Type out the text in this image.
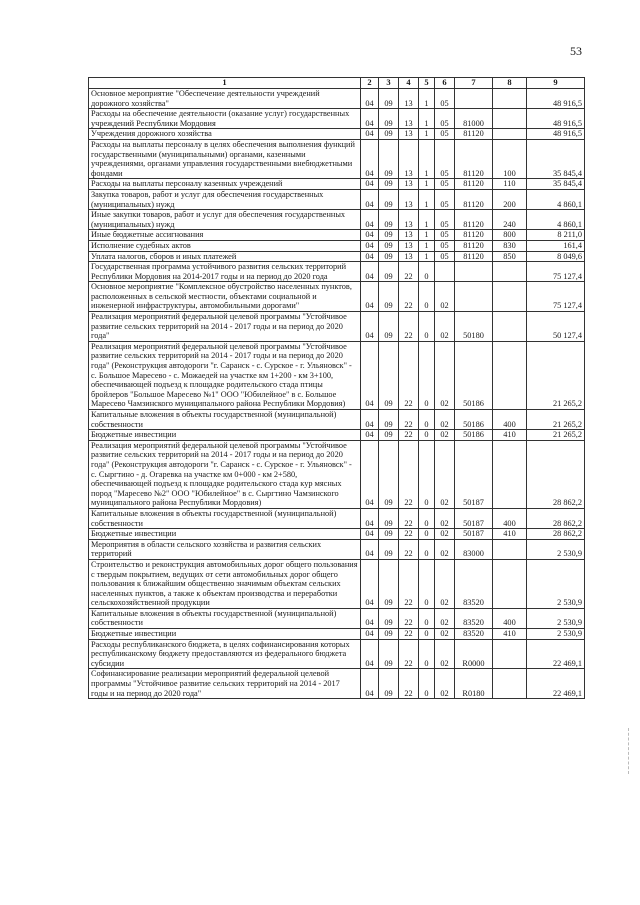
53
1	2	3	4	5	6	7	8	9
Основное мероприятие "Обеспечение деятельности учреждений дорожного хозяйства"	04	09	13	1	05			48 916,5
Расходы на обеспечение деятельности (оказание услуг) государственных учреждений Республики Мордовия	04	09	13	1	05	81000		48 916,5
Учреждения дорожного хозяйства	04	09	13	1	05	81120		48 916,5
Расходы на выплаты персоналу в целях обеспечения выполнения функций государственными (муниципальными) органами, казенными учреждениями, органами управления государственными внебюджетными фондами	04	09	13	1	05	81120	100	35 845,4
Расходы на выплаты персоналу казенных учреждений	04	09	13	1	05	81120	110	35 845,4
Закупка товаров, работ и услуг для обеспечения государственных (муниципальных) нужд	04	09	13	1	05	81120	200	4 860,1
Иные закупки товаров, работ и услуг для обеспечения государственных (муниципальных) нужд	04	09	13	1	05	81120	240	4 860,1
Иные бюджетные ассигнования	04	09	13	1	05	81120	800	8 211,0
Исполнение судебных актов	04	09	13	1	05	81120	830	161,4
Уплата налогов, сборов и иных платежей	04	09	13	1	05	81120	850	8 049,6
Государственная программа устойчивого развития сельских территорий Республики Мордовия на 2014-2017 годы и на период до 2020 года	04	09	22	0				75 127,4
Основное мероприятие "Комплексное обустройство населенных пунктов, расположенных в сельской местности, объектами социальной и инженерной инфраструктуры, автомобильными дорогами"	04	09	22	0	02			75 127,4
Реализация мероприятий федеральной целевой программы "Устойчивое развитие сельских территорий на 2014 - 2017 годы и на период до 2020 года"	04	09	22	0	02	50180		50 127,4
Реализация мероприятий федеральной целевой программы "Устойчивое развитие сельских территорий на 2014 - 2017 годы и на период до 2020 года" (Реконструкция автодороги "г. Саранск - с. Сурское - г. Ульяновск" - с. Большое Маресево - с. Можаедей на участке км 1+200 - км 3+100, обеспечивающей подъезд к площадке родительского стада птицы бройлеров "Большое Маресево №1" ООО "Юбилейное" в с. Большое Маресево Чамзинского муниципального района Республики Мордовия)	04	09	22	0	02	50186		21 265,2
Капитальные вложения в объекты государственной (муниципальной) собственности	04	09	22	0	02	50186	400	21 265,2
Бюджетные инвестиции	04	09	22	0	02	50186	410	21 265,2
Реализация мероприятий федеральной целевой программы "Устойчивое развитие сельских территорий на 2014 - 2017 годы и на период до 2020 года" (Реконструкция автодороги "г. Саранск - с. Сурское - г. Ульяновск" - с. Сыргтино - д. Огаревка на участке км 0+000 - км 2+580, обеспечивающей подъезд к площадке родительского стада кур мясных пород "Маресево №2" ООО "Юбилейное" в с. Сыргтино Чамзинского муниципального района Республики Мордовия)	04	09	22	0	02	50187		28 862,2
Капитальные вложения в объекты государственной (муниципальной) собственности	04	09	22	0	02	50187	400	28 862,2
Бюджетные инвестиции	04	09	22	0	02	50187	410	28 862,2
Мероприятия в области сельского хозяйства и развития сельских территорий	04	09	22	0	02	83000		2 530,9
Строительство и реконструкция автомобильных дорог общего пользования с твердым покрытием, ведущих от сети автомобильных дорог общего пользования к ближайшим общественно значимым объектам сельских населенных пунктов, а также к объектам производства и переработки сельскохозяйственной продукции	04	09	22	0	02	83520		2 530,9
Капитальные вложения в объекты государственной (муниципальной) собственности	04	09	22	0	02	83520	400	2 530,9
Бюджетные инвестиции	04	09	22	0	02	83520	410	2 530,9
Расходы республиканского бюджета, в целях софинансирования которых республиканскому бюджету предоставляются из федерального бюджета субсидии	04	09	22	0	02	R0000		22 469,1
Софинансирование реализации мероприятий федеральной целевой программы "Устойчивое развитие сельских территорий на 2014 - 2017 годы и на период до 2020 года"	04	09	22	0	02	R0180		22 469,1
